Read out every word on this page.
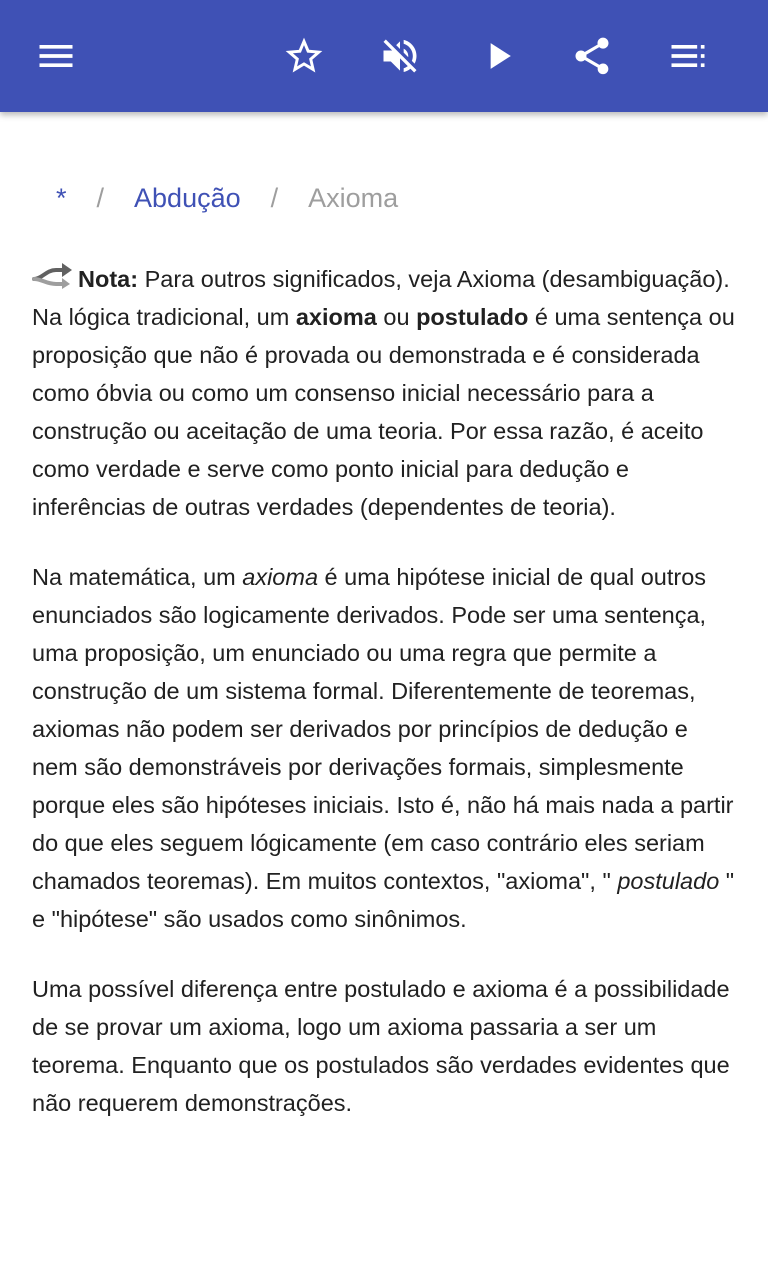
* / Abdução / Axioma

Nota: Para outros significados, veja Axioma (desambiguação).

Na lógica tradicional, um axioma ou postulado é uma sentença ou proposição que não é provada ou demonstrada e é considerada como óbvia ou como um consenso inicial necessário para a construção ou aceitação de uma teoria. Por essa razão, é aceito como verdade e serve como ponto inicial para dedução e inferências de outras verdades (dependentes de teoria).

Na matemática, um axioma é uma hipótese inicial de qual outros enunciados são logicamente derivados. Pode ser uma sentença, uma proposição, um enunciado ou uma regra que permite a construção de um sistema formal. Diferentemente de teoremas, axiomas não podem ser derivados por princípios de dedução e nem são demonstráveis por derivações formais, simplesmente porque eles são hipóteses iniciais. Isto é, não há mais nada a partir do que eles seguem lógicamente (em caso contrário eles seriam chamados teoremas). Em muitos contextos, "axioma", " postulado " e "hipótese" são usados como sinônimos.

Uma possível diferença entre postulado e axioma é a possibilidade de se provar um axioma, logo um axioma passaria a ser um teorema. Enquanto que os postulados são verdades evidentes que não requerem demonstrações.
